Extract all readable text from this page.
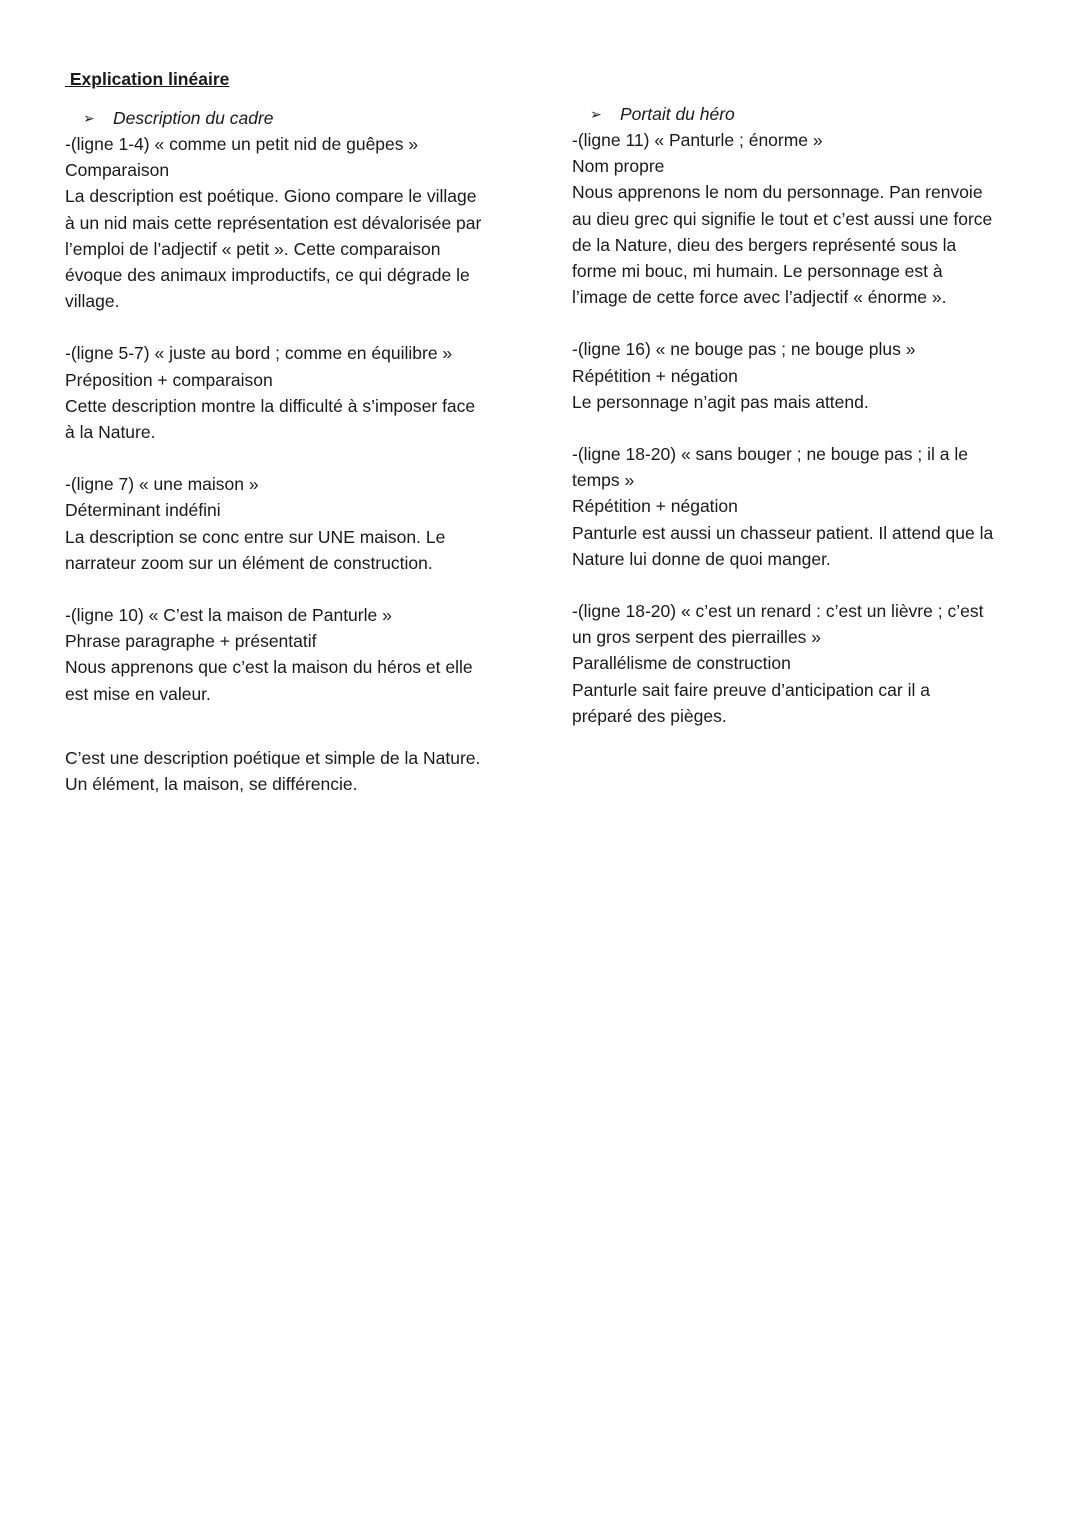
Explication linéaire
➢ Description du cadre

-(ligne 1-4) « comme un petit nid de guêpes »

Comparaison

La description est poétique. Giono compare le village

à un nid mais cette représentation est dévalorisée par

l’emploi de l’adjectif « petit ». Cette comparaison

évoque des animaux improductifs, ce qui dégrade le

village.

-(ligne 5-7) « juste au bord ; comme en équilibre »

Préposition + comparaison

Cette description montre la difficulté à s’imposer face

à la Nature.

-(ligne 7) « une maison »

Déterminant indéfini

La description se conc entre sur UNE maison. Le

narrateur zoom sur un élément de construction.

-(ligne 10) « C’est la maison de Panturle »

Phrase paragraphe + présentatif

Nous apprenons que c’est la maison du héros et elle

est mise en valeur.

C’est une description poétique et simple de la Nature.

Un élément, la maison, se différencie.

➢ Portait du héro

-(ligne 11) « Panturle ; énorme »

Nom propre

Nous apprenons le nom du personnage. Pan renvoie

au dieu grec qui signifie le tout et c’est aussi une force

de la Nature, dieu des bergers représenté sous la

forme mi bouc, mi humain. Le personnage est à

l’image de cette force avec l’adjectif « énorme ».

-(ligne 16) « ne bouge pas ; ne bouge plus »

Répétition + négation

Le personnage n’agit pas mais attend.

-(ligne 18-20) « sans bouger ; ne bouge pas ; il a le

temps »

Répétition + négation

Panturle est aussi un chasseur patient. Il attend que la

Nature lui donne de quoi manger.

-(ligne 18-20) « c’est un renard : c’est un lièvre ; c’est

un gros serpent des pierrailles »

Parallélisme de construction

Panturle sait faire preuve d’anticipation car il a

préparé des pièges.
